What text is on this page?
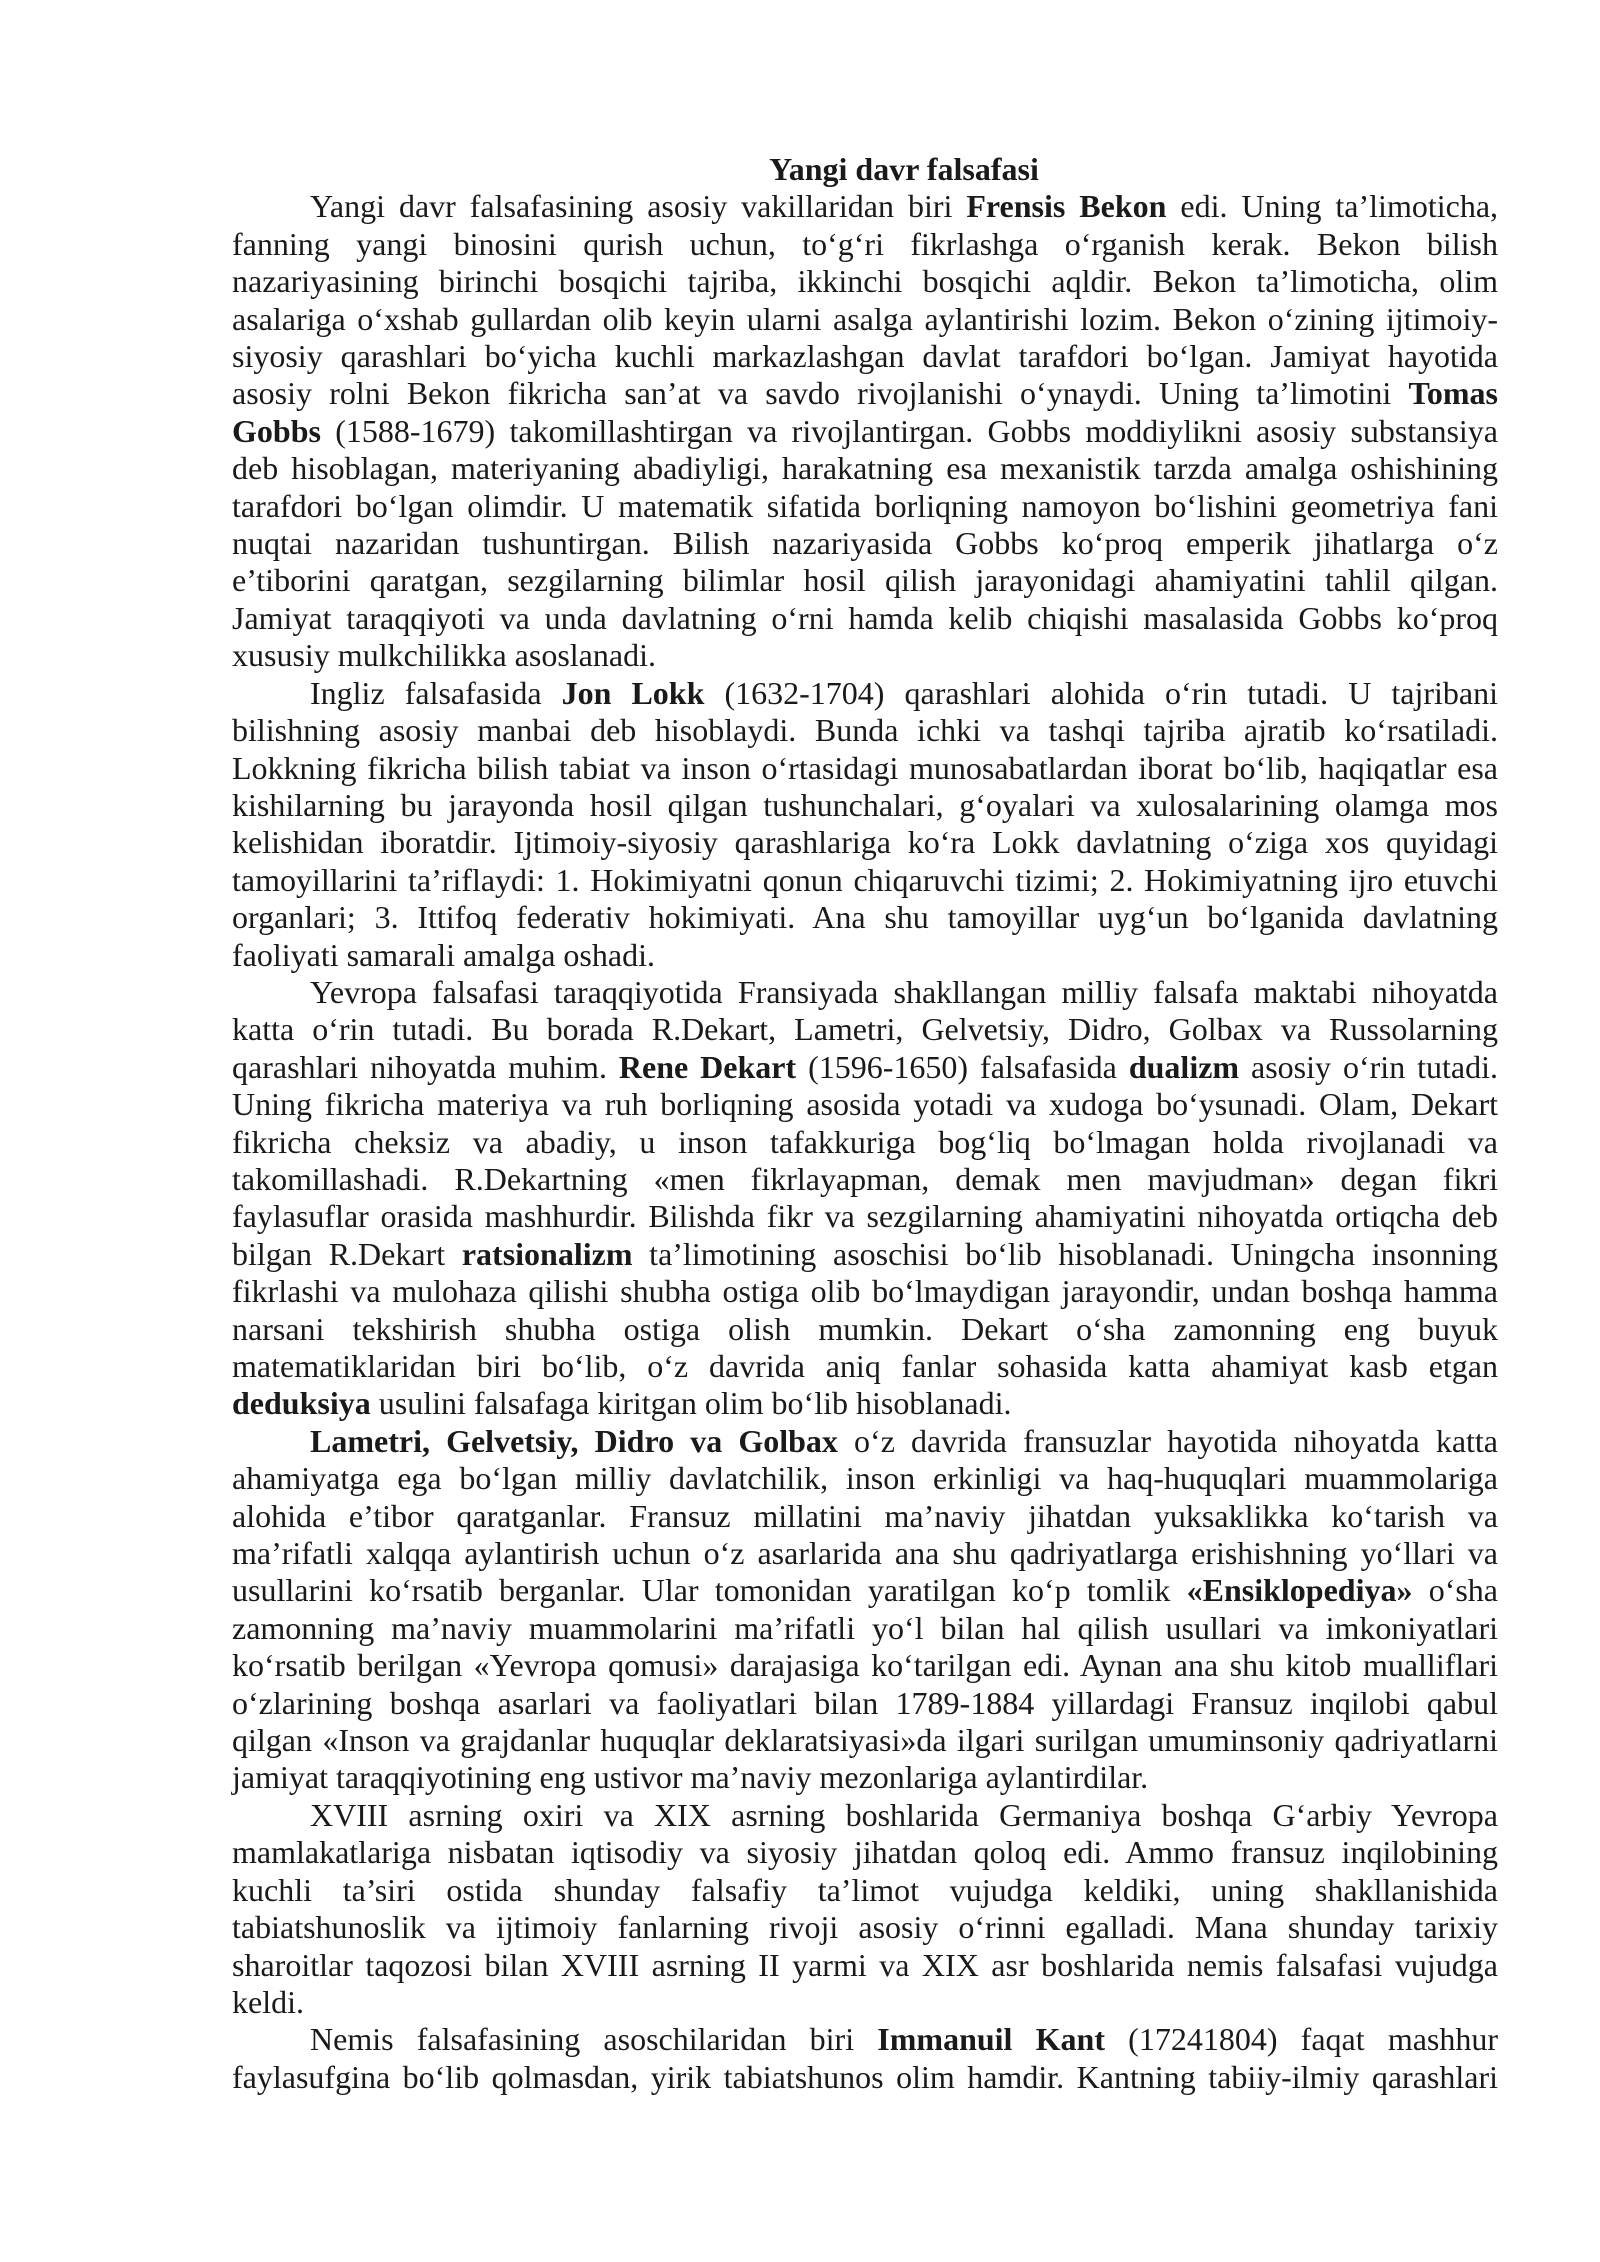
Yangi davr falsafasi
Yangi davr falsafasining asosiy vakillaridan biri Frensis Bekon edi. Uning ta’limoticha,
fanning yangi binosini qurish uchun, to‘g‘ri fikrlashga o‘rganish kerak. Bekon bilish
nazariyasining birinchi bosqichi tajriba, ikkinchi bosqichi aqldir. Bekon ta’limoticha, olim
asalariga o‘xshab gullardan olib keyin ularni asalga aylantirishi lozim. Bekon o‘zining ijtimoiy-
siyosiy qarashlari bo‘yicha kuchli markazlashgan davlat tarafdori bo‘lgan. Jamiyat hayotida
asosiy rolni Bekon fikricha san’at va savdo rivojlanishi o‘ynaydi. Uning ta’limotini Tomas
Gobbs (1588-1679) takomillashtirgan va rivojlantirgan. Gobbs moddiylikni asosiy substansiya
deb hisoblagan, materiyaning abadiyligi, harakatning esa mexanistik tarzda amalga oshishining
tarafdori bo‘lgan olimdir. U matematik sifatida borliqning namoyon bo‘lishini geometriya fani
nuqtai nazaridan tushuntirgan. Bilish nazariyasida Gobbs ko‘proq emperik jihatlarga o‘z
e’tiborini qaratgan, sezgilarning bilimlar hosil qilish jarayonidagi ahamiyatini tahlil qilgan.
Jamiyat taraqqiyoti va unda davlatning o‘rni hamda kelib chiqishi masalasida Gobbs ko‘proq
xususiy mulkchilikka asoslanadi.
Ingliz falsafasida Jon Lokk (1632-1704) qarashlari alohida o‘rin tutadi. U tajribani
bilishning asosiy manbai deb hisoblaydi. Bunda ichki va tashqi tajriba ajratib ko‘rsatiladi.
Lokkning fikricha bilish tabiat va inson o‘rtasidagi munosabatlardan iborat bo‘lib, haqiqatlar esa
kishilarning bu jarayonda hosil qilgan tushunchalari, g‘oyalari va xulosalarining olamga mos
kelishidan iboratdir. Ijtimoiy-siyosiy qarashlariga ko‘ra Lokk davlatning o‘ziga xos quyidagi
tamoyillarini ta’riflaydi: 1. Hokimiyatni qonun chiqaruvchi tizimi; 2. Hokimiyatning ijro etuvchi
organlari; 3. Ittifoq federativ hokimiyati. Ana shu tamoyillar uyg‘un bo‘lganida davlatning
faoliyati samarali amalga oshadi.
Yevropa falsafasi taraqqiyotida Fransiyada shakllangan milliy falsafa maktabi nihoyatda
katta o‘rin tutadi. Bu borada R.Dekart, Lametri, Gelvetsiy, Didro, Golbax va Russolarning
qarashlari nihoyatda muhim. Rene Dekart (1596-1650) falsafasida dualizm asosiy o‘rin tutadi.
Uning fikricha materiya va ruh borliqning asosida yotadi va xudoga bo‘ysunadi. Olam, Dekart
fikricha cheksiz va abadiy, u inson tafakkuriga bog‘liq bo‘lmagan holda rivojlanadi va
takomillashadi. R.Dekartning «men fikrlayapman, demak men mavjudman» degan fikri
faylasuflar orasida mashhurdir. Bilishda fikr va sezgilarning ahamiyatini nihoyatda ortiqcha deb
bilgan R.Dekart ratsionalizm ta’limotining asoschisi bo‘lib hisoblanadi. Uningcha insonning
fikrlashi va mulohaza qilishi shubha ostiga olib bo‘lmaydigan jarayondir, undan boshqa hamma
narsani tekshirish shubha ostiga olish mumkin. Dekart o‘sha zamonning eng buyuk
matematiklaridan biri bo‘lib, o‘z davrida aniq fanlar sohasida katta ahamiyat kasb etgan
deduksiya usulini falsafaga kiritgan olim bo‘lib hisoblanadi.
Lametri, Gelvetsiy, Didro va Golbax o‘z davrida fransuzlar hayotida nihoyatda katta
ahamiyatga ega bo‘lgan milliy davlatchilik, inson erkinligi va haq-huquqlari muammolariga
alohida e’tibor qaratganlar. Fransuz millatini ma’naviy jihatdan yuksaklikka ko‘tarish va
ma’rifatli xalqqa aylantirish uchun o‘z asarlarida ana shu qadriyatlarga erishishning yo‘llari va
usullarini ko‘rsatib berganlar. Ular tomonidan yaratilgan ko‘p tomlik «Ensiklopediya» o‘sha
zamonning ma’naviy muammolarini ma’rifatli yo‘l bilan hal qilish usullari va imkoniyatlari
ko‘rsatib berilgan «Yevropa qomusi» darajasiga ko‘tarilgan edi. Aynan ana shu kitob mualliflari
o‘zlarining boshqa asarlari va faoliyatlari bilan 1789-1884 yillardagi Fransuz inqilobi qabul
qilgan «Inson va grajdanlar huquqlar deklaratsiyasi»da ilgari surilgan umuminsoniy qadriyatlarni
jamiyat taraqqiyotining eng ustivor ma’naviy mezonlariga aylantirdilar.
XVIII asrning oxiri va XIX asrning boshlarida Germaniya boshqa G‘arbiy Yevropa
mamlakatlariga nisbatan iqtisodiy va siyosiy jihatdan qoloq edi. Ammo fransuz inqilobining
kuchli ta’siri ostida shunday falsafiy ta’limot vujudga keldiki, uning shakllanishida
tabiatshunoslik va ijtimoiy fanlarning rivoji asosiy o‘rinni egalladi. Mana shunday tarixiy
sharoitlar taqozosi bilan XVIII asrning II yarmi va XIX asr boshlarida nemis falsafasi vujudga
keldi.
Nemis falsafasining asoschilaridan biri Immanuil Kant (17241804) faqat mashhur
faylasufgina bo‘lib qolmasdan, yirik tabiatshunos olim hamdir. Kantning tabiiy-ilmiy qarashlari
